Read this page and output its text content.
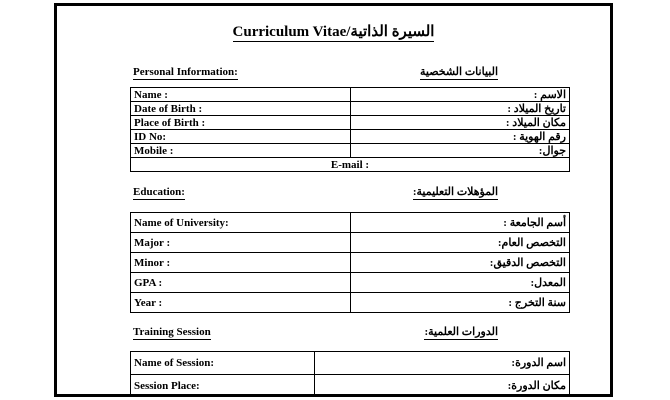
Curriculum Vitae/السيرة الذاتية
Personal Information:	البيانات الشخصية
Name :	الاسم :
Date of Birth :	تاريخ الميلاد :
Place of Birth :	مكان الميلاد :
ID No:	رقم الهوية :
Mobile :	جوال:
E-mail :	
Education:	المؤهلات التعليمية:
Name of University:	أسم الجامعة :
Major :	التخصص العام:
Minor :	التخصص الدقيق:
GPA :	المعدل:
Year :	سنة التخرج :
Training Session	الدورات العلمية:
Name of Session:	اسم الدورة:
Session Place:	مكان الدورة:
